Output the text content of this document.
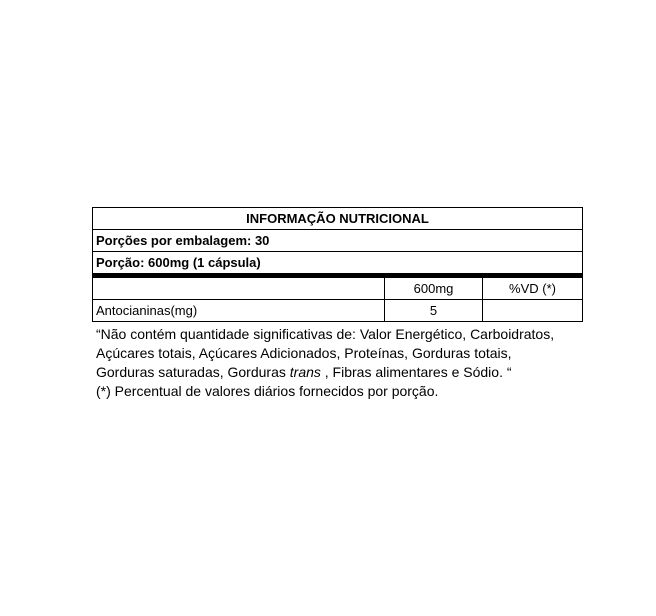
INFORMAÇÃO NUTRICIONAL		
Porções por embalagem: 30		
Porção: 600mg (1 cápsula)		
	600mg	%VD (*)
Antocianinas(mg)	5	

“Não contém quantidade significativas de: Valor Energético, Carboidratos, Açúcares totais, Açúcares Adicionados, Proteínas, Gorduras totais, Gorduras saturadas, Gorduras trans , Fibras alimentares e Sódio. “

(*) Percentual de valores diários fornecidos por porção.
